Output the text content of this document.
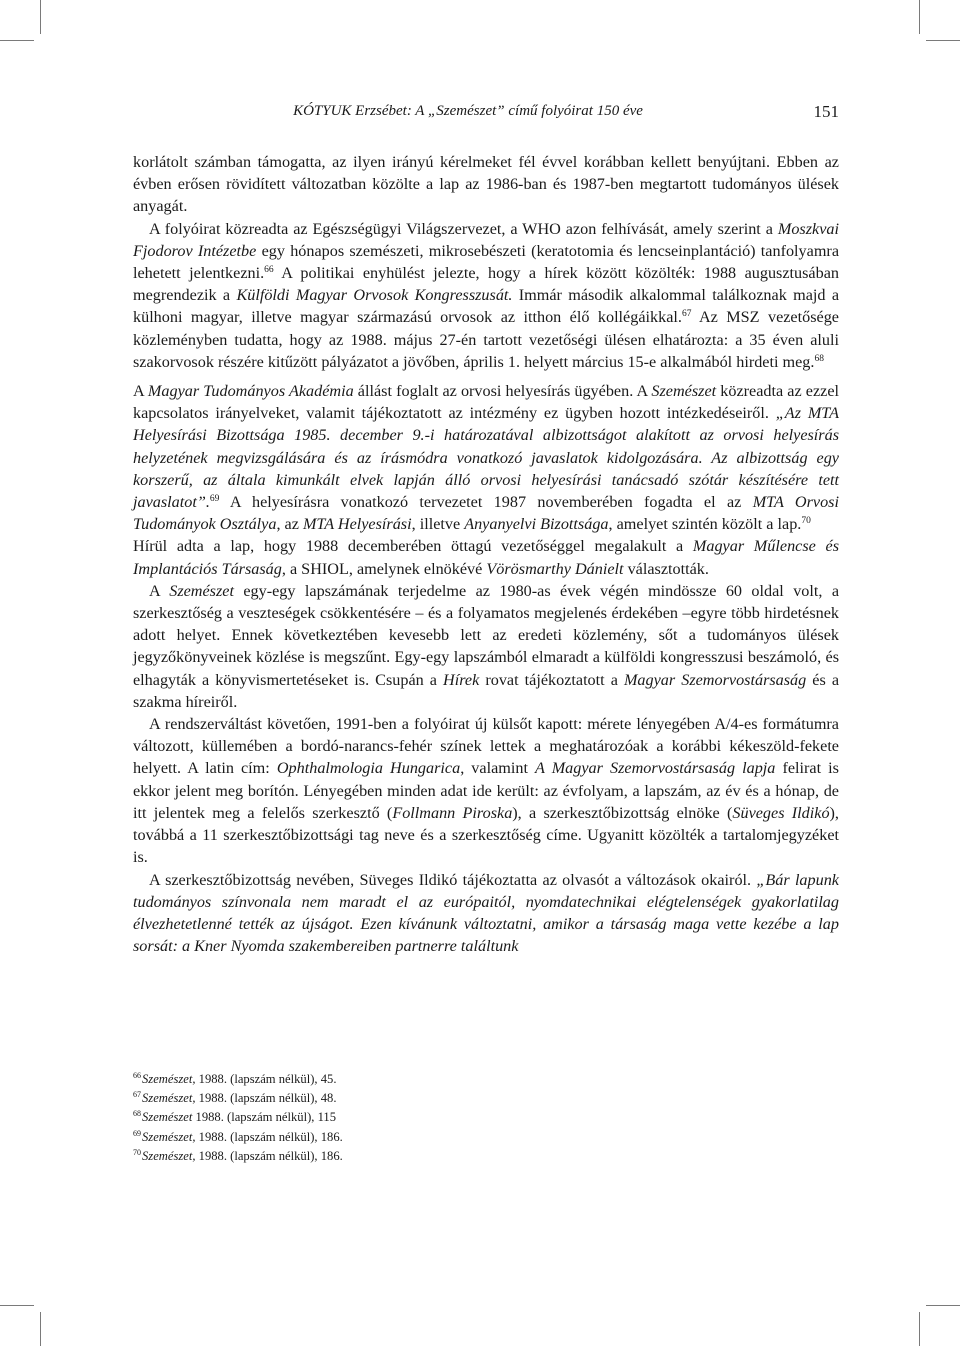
KÓTYUK Erzsébet: A „Szemészet” című folyóirat 150 éve	151

korlátolt számban támogatta, az ilyen irányú kérelmeket fél évvel korábban kellett benyújtani. Ebben az évben erősen rövidített változatban közölte a lap az 1986-ban és 1987-ben megtartott tudományos ülések anyagát.

A folyóirat közreadta az Egészségügyi Világszervezet, a WHO azon felhívását, amely szerint a Moszkvai Fjodorov Intézetbe egy hónapos szemészeti, mikrosebészeti (keratotomia és lencseinplantáció) tanfolyamra lehetett jelentkezni.$^{66}$ A politikai enyhülést jelezte, hogy a hírek között közölték: 1988 augusztusában megrendezik a Külföldi Magyar Orvosok Kongresszusát. Immár második alkalommal találkoznak majd a külhoni magyar, illetve magyar származású orvosok az itthon élő kollégáikkal.$^{67}$ Az MSZ vezetősége közleményben tudatta, hogy az 1988. május 27-én tartott vezetőségi ülésen elhatározta: a 35 éven aluli szakorvosok részére kitűzött pályázatot a jövőben, április 1. helyett március 15-e alkalmából hirdeti meg.$^{68}$

A Magyar Tudományos Akadémia állást foglalt az orvosi helyesírás ügyében. A Szemészet közreadta az ezzel kapcsolatos irányelveket, valamit tájékoztatott az intézmény ez ügyben hozott intézkedéseiről. „Az MTA Helyesírási Bizottsága 1985. december 9.-i határozatával albizottságot alakított az orvosi helyesírás helyzetének megvizsgálására és az írásmódra vonatkozó javaslatok kidolgozására. Az albizottság egy korszerű, az általa kimunkált elvek lapján álló orvosi helyesírási tanácsadó szótár készítésére tett javaslatot”.$^{69}$ A helyesírásra vonatkozó tervezetet 1987 novemberében fogadta el az MTA Orvosi Tudományok Osztálya, az MTA Helyesírási, illetve Anyanyelvi Bizottsága, amelyet szintén közölt a lap.$^{70}$

Hírül adta a lap, hogy 1988 decemberében öttagú vezetőséggel megalakult a Magyar Műlencse és Implantációs Társaság, a SHIOL, amelynek elnökévé Vörösmarthy Dánielt választották.

A Szemészet egy-egy lapszámának terjedelme az 1980-as évek végén mindössze 60 oldal volt, a szerkesztőség a veszteségek csökkentésére – és a folyamatos megjelenés érdekében –egyre több hirdetésnek adott helyet. Ennek következtében kevesebb lett az eredeti közlemény, sőt a tudományos ülések jegyzőkönyveinek közlése is megszűnt. Egy-egy lapszámból elmaradt a külföldi kongresszusi beszámoló, és elhagyták a könyvismertetéseket is. Csupán a Hírek rovat tájékoztatott a Magyar Szemorvostársaság és a szakma híreiről.

A rendszerváltást követően, 1991-ben a folyóirat új külsőt kapott: mérete lényegében A/4-es formátumra változott, küllemében a bordó-narancs-fehér színek lettek a meghatározóak a korábbi kékeszöld-fekete helyett. A latin cím: Ophthalmologia Hungarica, valamint A Magyar Szemorvostársaság lapja felirat is ekkor jelent meg borítón. Lényegében minden adat ide került: az évfolyam, a lapszám, az év és a hónap, de itt jelentek meg a felelős szerkesztő (Follmann Piroska), a szerkesztőbizottság elnöke (Süveges Ildikó), továbbá a 11 szerkesztőbizottsági tag neve és a szerkesztőség címe. Ugyanitt közölték a tartalomjegyzéket is.

A szerkesztőbizottság nevében, Süveges Ildikó tájékoztatta az olvasót a változások okairól. „Bár lapunk tudományos színvonala nem maradt el az európaitól, nyomdatechnikai elégtelenségek gyakorlatilag élvezhetetlenné tették az újságot. Ezen kívánunk változtatni, amikor a társaság maga vette kezébe a lap sorsát: a Kner Nyomda szakembereiben partnerre találtunk

$^{66}$Szemészet, 1988. (lapszám nélkül), 45.
$^{67}$Szemészet, 1988. (lapszám nélkül), 48.
$^{68}$Szemészet 1988. (lapszám nélkül), 115
$^{69}$Szemészet, 1988. (lapszám nélkül), 186.
$^{70}$Szemészet, 1988. (lapszám nélkül), 186.
